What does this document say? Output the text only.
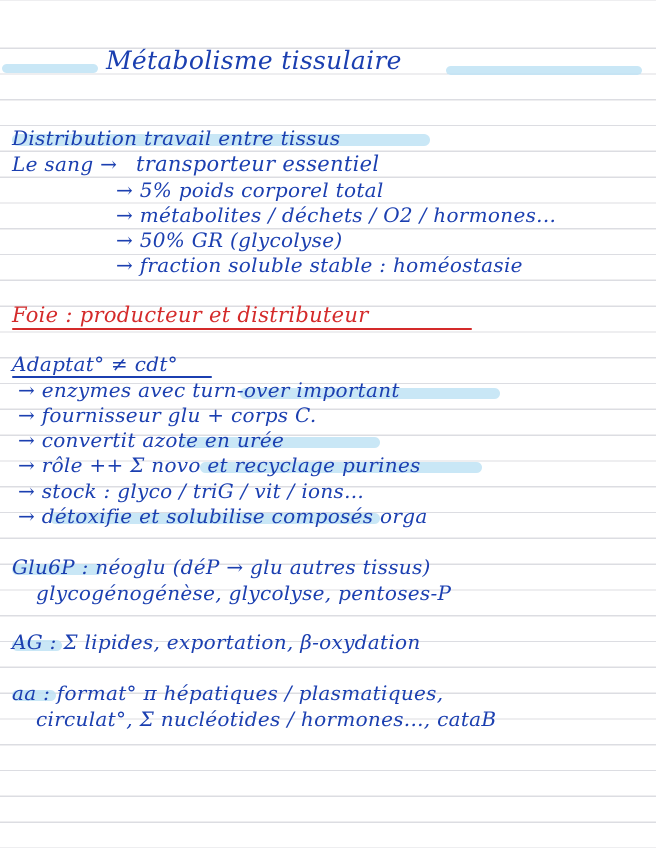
Métabolisme tissulaire
Distribution travail entre tissus
Le sang → transporteur essentiel
→ 5% poids corporel total
→ métabolites / déchets / O2 / hormones...
→ 50% GR (glycolyse)
→ fraction soluble stable : homéostasie
Foie : producteur et distributeur
Adaptat° ≠ cdt°
→ enzymes avec turn-over important
→ fournisseur glu + corps C.
→ convertit azote en urée
→ rôle ++ Σ novo et recyclage purines
→ stock : glyco / triG / vit / ions...
→ détoxifie et solubilise composés orga
Glu6P : néoglu (déP → glu autres tissus)
glycogénogénèse, glycolyse, pentoses-P
AG : Σ lipides, exportation, β-oxydation
aa : format° π hépatiques / plasmatiques,
circulat°, Σ nucléotides / hormones..., cataB
